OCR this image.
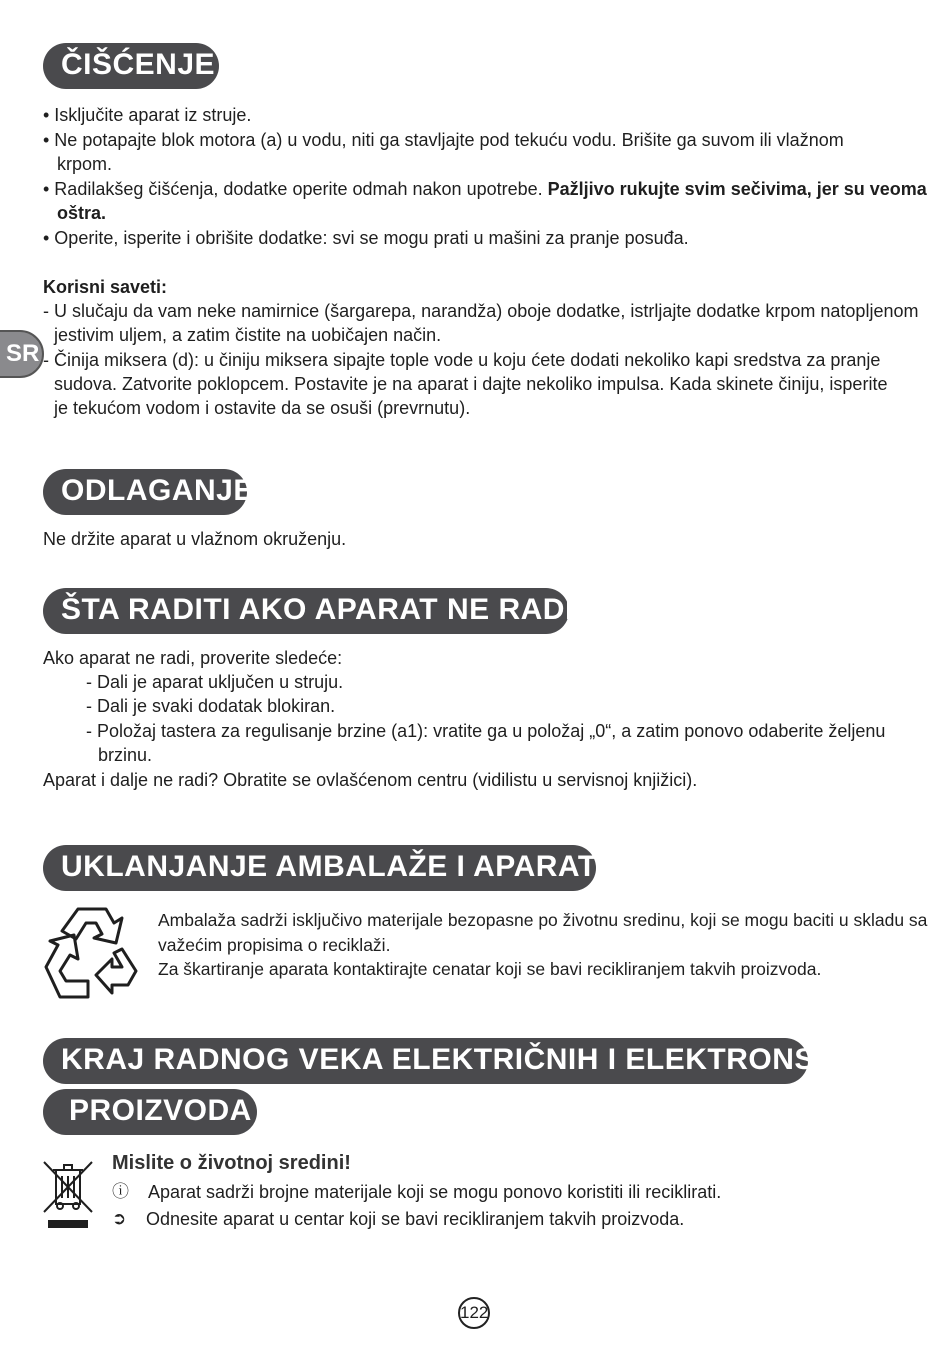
ČIŠĆENJE
• Isključite aparat iz struje.
• Ne potapajte blok motora (a) u vodu, niti ga stavljajte pod tekuću vodu. Brišite ga suvom ili vlažnom
krpom.
• Radilakšeg čišćenja, dodatke operite odmah nakon upotrebe. Pažljivo rukujte svim sečivima, jer su veoma
oštra.
• Operite, isperite i obrišite dodatke: svi se mogu prati u mašini za pranje posuđa.
Korisni saveti:
- U slučaju da vam neke namirnice (šargarepa, narandža) oboje dodatke, istrljajte dodatke krpom natopljenom
jestivim uljem, a zatim čistite na uobičajen način.
- Činija miksera (d): u činiju miksera sipajte tople vode u koju ćete dodati nekoliko kapi sredstva za pranje
sudova. Zatvorite poklopcem. Postavite je na aparat i dajte nekoliko impulsa. Kada skinete činiju, isperite
je tekućom vodom i ostavite da se osuši (prevrnutu).
SR
ODLAGANJE
Ne držite aparat u vlažnom okruženju.
ŠTA RADITI AKO APARAT NE RADI?
Ako aparat ne radi, proverite sledeće:
- Dali je aparat uključen u struju.
- Dali je svaki dodatak blokiran.
- Položaj tastera za regulisanje brzine (a1): vratite ga u položaj „0“, a zatim ponovo odaberite željenu
brzinu.
Aparat i dalje ne radi? Obratite se ovlašćenom centru (vidilistu u servisnoj knjižici).
UKLANJANJE AMBALAŽE I APARATA
Ambalaža sadrži isključivo materijale bezopasne po životnu sredinu, koji se mogu baciti u skladu sa
važećim propisima o reciklaži.
Za škartiranje aparata kontaktirajte cenatar koji se bavi recikliranjem takvih proizvoda.
KRAJ RADNOG VEKA ELEKTRIČNIH I ELEKTRONSKIH
PROIZVODA
Mislite o životnoj sredini!
ⓘ Aparat sadrži brojne materijale koji se mogu ponovo koristiti ili reciklirati.
➲ Odnesite aparat u centar koji se bavi recikliranjem takvih proizvoda.
122
